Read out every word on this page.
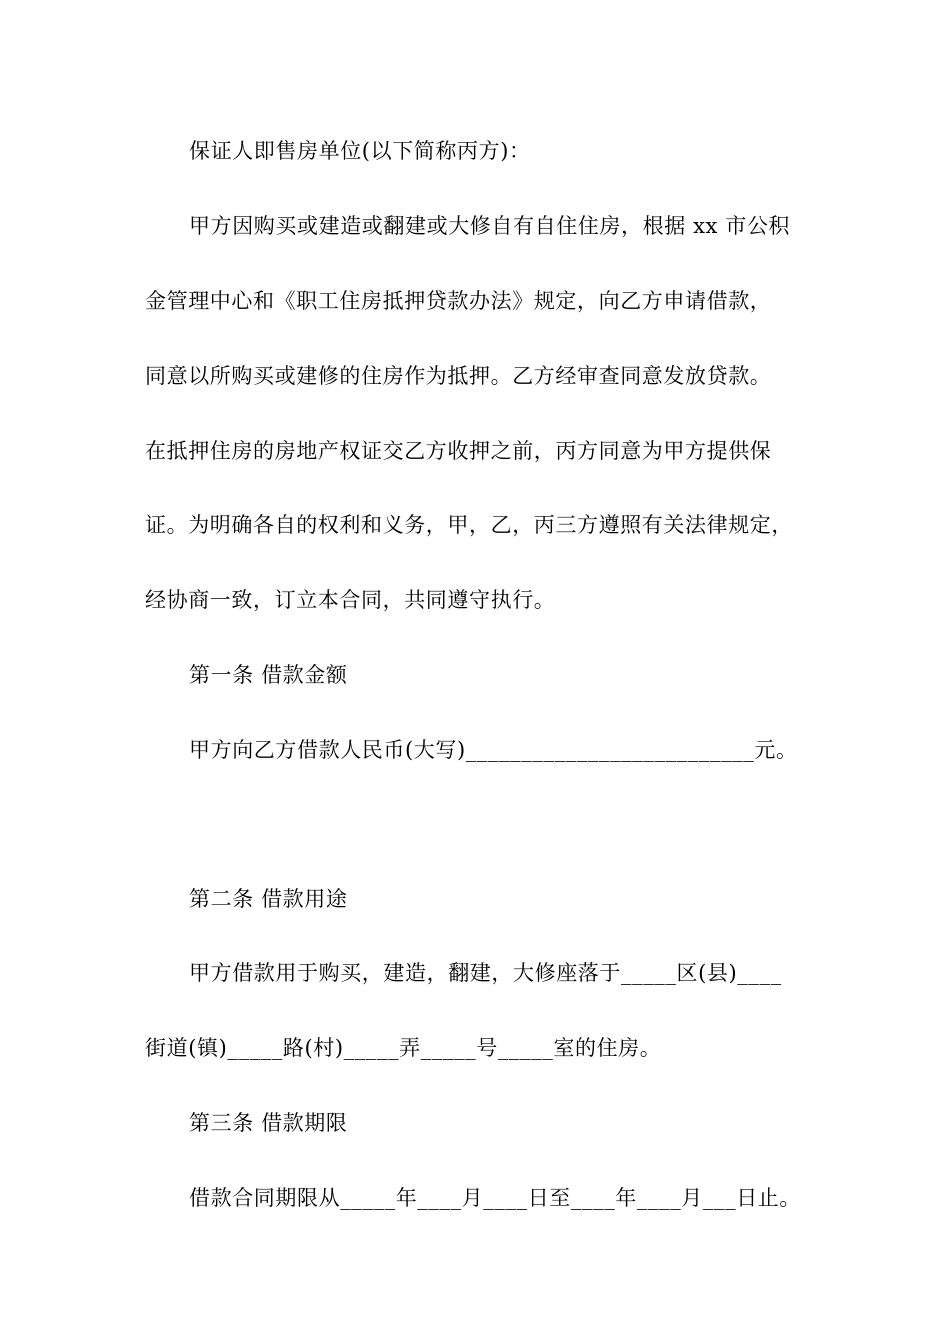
保证人即售房单位(以下简称丙方)：
甲方因购买或建造或翻建或大修自有自住住房，根据 xx 市公积
金管理中心和《职工住房抵押贷款办法》规定，向乙方申请借款，
同意以所购买或建修的住房作为抵押。乙方经审查同意发放贷款。
在抵押住房的房地产权证交乙方收押之前，丙方同意为甲方提供保
证。为明确各自的权利和义务，甲，乙，丙三方遵照有关法律规定，
经协商一致，订立本合同，共同遵守执行。
第一条 借款金额
甲方向乙方借款人民币(大写)__________________________元。
第二条 借款用途
甲方借款用于购买，建造，翻建，大修座落于_____区(县)____
街道(镇)_____路(村)_____弄_____号_____室的住房。
第三条 借款期限
借款合同期限从_____年____月____日至____年____月___日止。
